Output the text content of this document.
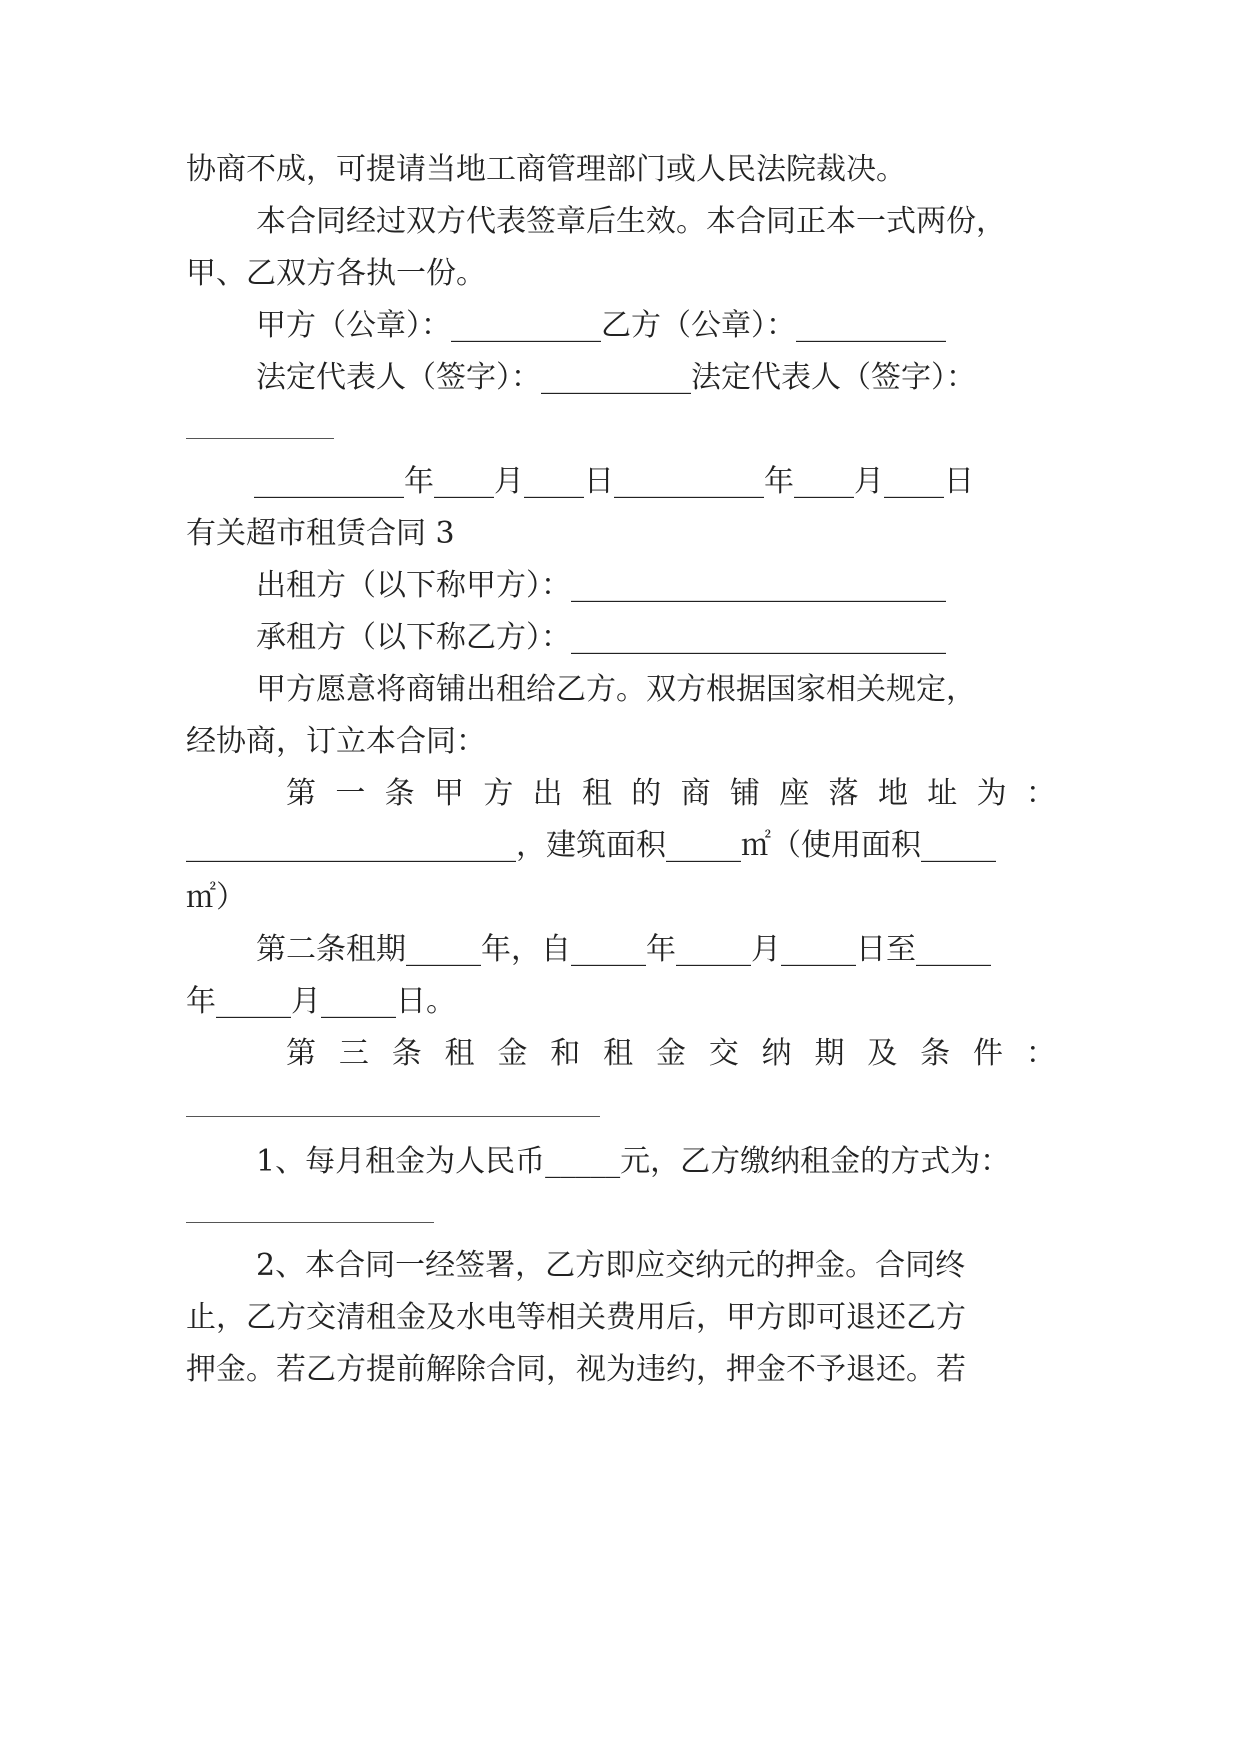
协商不成，可提请当地工商管理部门或人民法院裁决。
本合同经过双方代表签章后生效。本合同正本一式两份，
甲、乙双方各执一份。
甲方（公章）：__________乙方（公章）：__________
法定代表人（签字）：__________法定代表人（签字）：
__________年____月____日__________年____月____日
有关超市租赁合同 3
出租方（以下称甲方）：_________________________
承租方（以下称乙方）：_________________________
甲方愿意将商铺出租给乙方。双方根据国家相关规定，
经协商，订立本合同：
第 一 条 甲 方 出 租 的 商 铺 座 落 地 址 为 ：
______________________，建筑面积_____㎡（使用面积_____
㎡）
第二条租期_____年，自_____年_____月_____日至_____
年_____月_____日。
第 三 条 租 金 和 租 金 交 纳 期 及 条 件 ：
1、每月租金为人民币_____元，乙方缴纳租金的方式为：
2、本合同一经签署，乙方即应交纳元的押金。合同终
止，乙方交清租金及水电等相关费用后，甲方即可退还乙方
押金。若乙方提前解除合同，视为违约，押金不予退还。若
